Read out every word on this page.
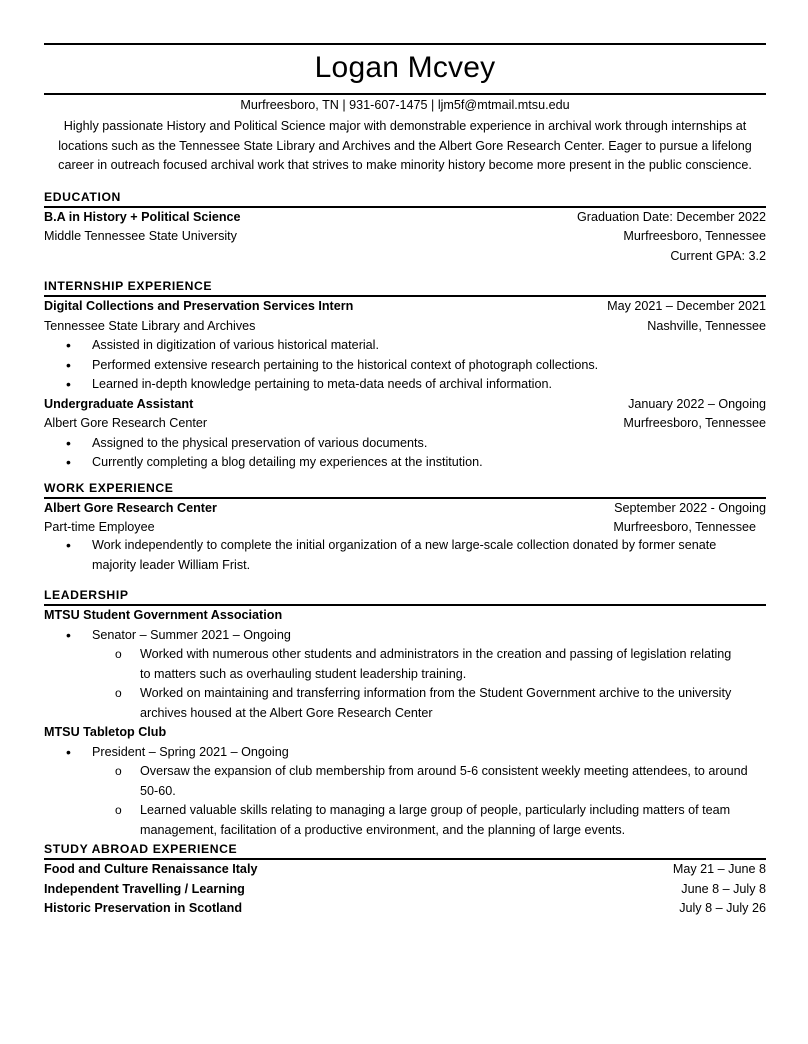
Logan Mcvey
Murfreesboro, TN | 931-607-1475 | ljm5f@mtmail.mtsu.edu
Highly passionate History and Political Science major with demonstrable experience in archival work through internships at locations such as the Tennessee State Library and Archives and the Albert Gore Research Center. Eager to pursue a lifelong career in outreach focused archival work that strives to make minority history become more present in the public conscience.
EDUCATION
B.A in History + Political Science	Graduation Date: December 2022
Middle Tennessee State University	Murfreesboro, Tennessee
Current GPA: 3.2
INTERNSHIP EXPERIENCE
Digital Collections and Preservation Services Intern	May 2021 – December 2021
Tennessee State Library and Archives	Nashville, Tennessee
• Assisted in digitization of various historical material.
• Performed extensive research pertaining to the historical context of photograph collections.
• Learned in-depth knowledge pertaining to meta-data needs of archival information.
Undergraduate Assistant	January 2022 – Ongoing
Albert Gore Research Center	Murfreesboro, Tennessee
• Assigned to the physical preservation of various documents.
• Currently completing a blog detailing my experiences at the institution.
WORK EXPERIENCE
Albert Gore Research Center	September 2022 - Ongoing
Part-time Employee	Murfreesboro, Tennessee
• Work independently to complete the initial organization of a new large-scale collection donated by former senate majority leader William Frist.
LEADERSHIP
MTSU Student Government Association
• Senator – Summer 2021 – Ongoing
o Worked with numerous other students and administrators in the creation and passing of legislation relating to matters such as overhauling student leadership training.
o Worked on maintaining and transferring information from the Student Government archive to the university archives housed at the Albert Gore Research Center
MTSU Tabletop Club
• President – Spring 2021 – Ongoing
o Oversaw the expansion of club membership from around 5-6 consistent weekly meeting attendees, to around 50-60.
o Learned valuable skills relating to managing a large group of people, particularly including matters of team management, facilitation of a productive environment, and the planning of large events.
STUDY ABROAD EXPERIENCE
Food and Culture Renaissance Italy	May 21 – June 8
Independent Travelling / Learning	June 8 – July 8
Historic Preservation in Scotland	July 8 – July 26
